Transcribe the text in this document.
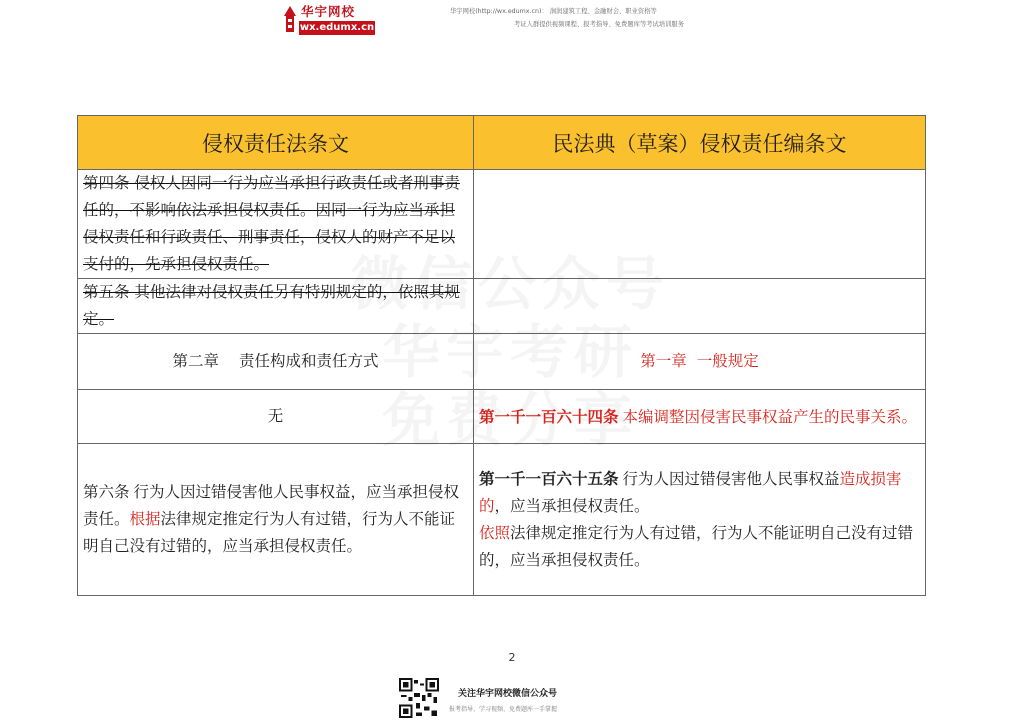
华宇网校
wx.edumx.cn
华宇网校(http://wx.edumx.cn)： 涧润建筑工程、金融财会、职业资格等
考证人群提供视频课程、报考指导、免费题库等考试培训服务
侵权责任法条文	民法典（草案）侵权责任编条文
第四条 侵权人因同一行为应当承担行政责任或者刑事责任的，不影响依法承担侵权责任。因同一行为应当承担侵权责任和行政责任、刑事责任，侵权人的财产不足以支付的，先承担侵权责任。	
第五条 其他法律对侵权责任另有特别规定的，依照其规定。	
第二章 责任构成和责任方式	第一章 一般规定
无	第一千一百六十四条 本编调整因侵害民事权益产生的民事关系。
第六条 行为人因过错侵害他人民事权益，应当承担侵权责任。根据法律规定推定行为人有过错，行为人不能证明自己没有过错的，应当承担侵权责任。	第一千一百六十五条 行为人因过错侵害他人民事权益造成损害的，应当承担侵权责任。
依照法律规定推定行为人有过错，行为人不能证明自己没有过错的，应当承担侵权责任。
2
关注华宇网校微信公众号
报考指导、学习视频、免费题库一手掌握
